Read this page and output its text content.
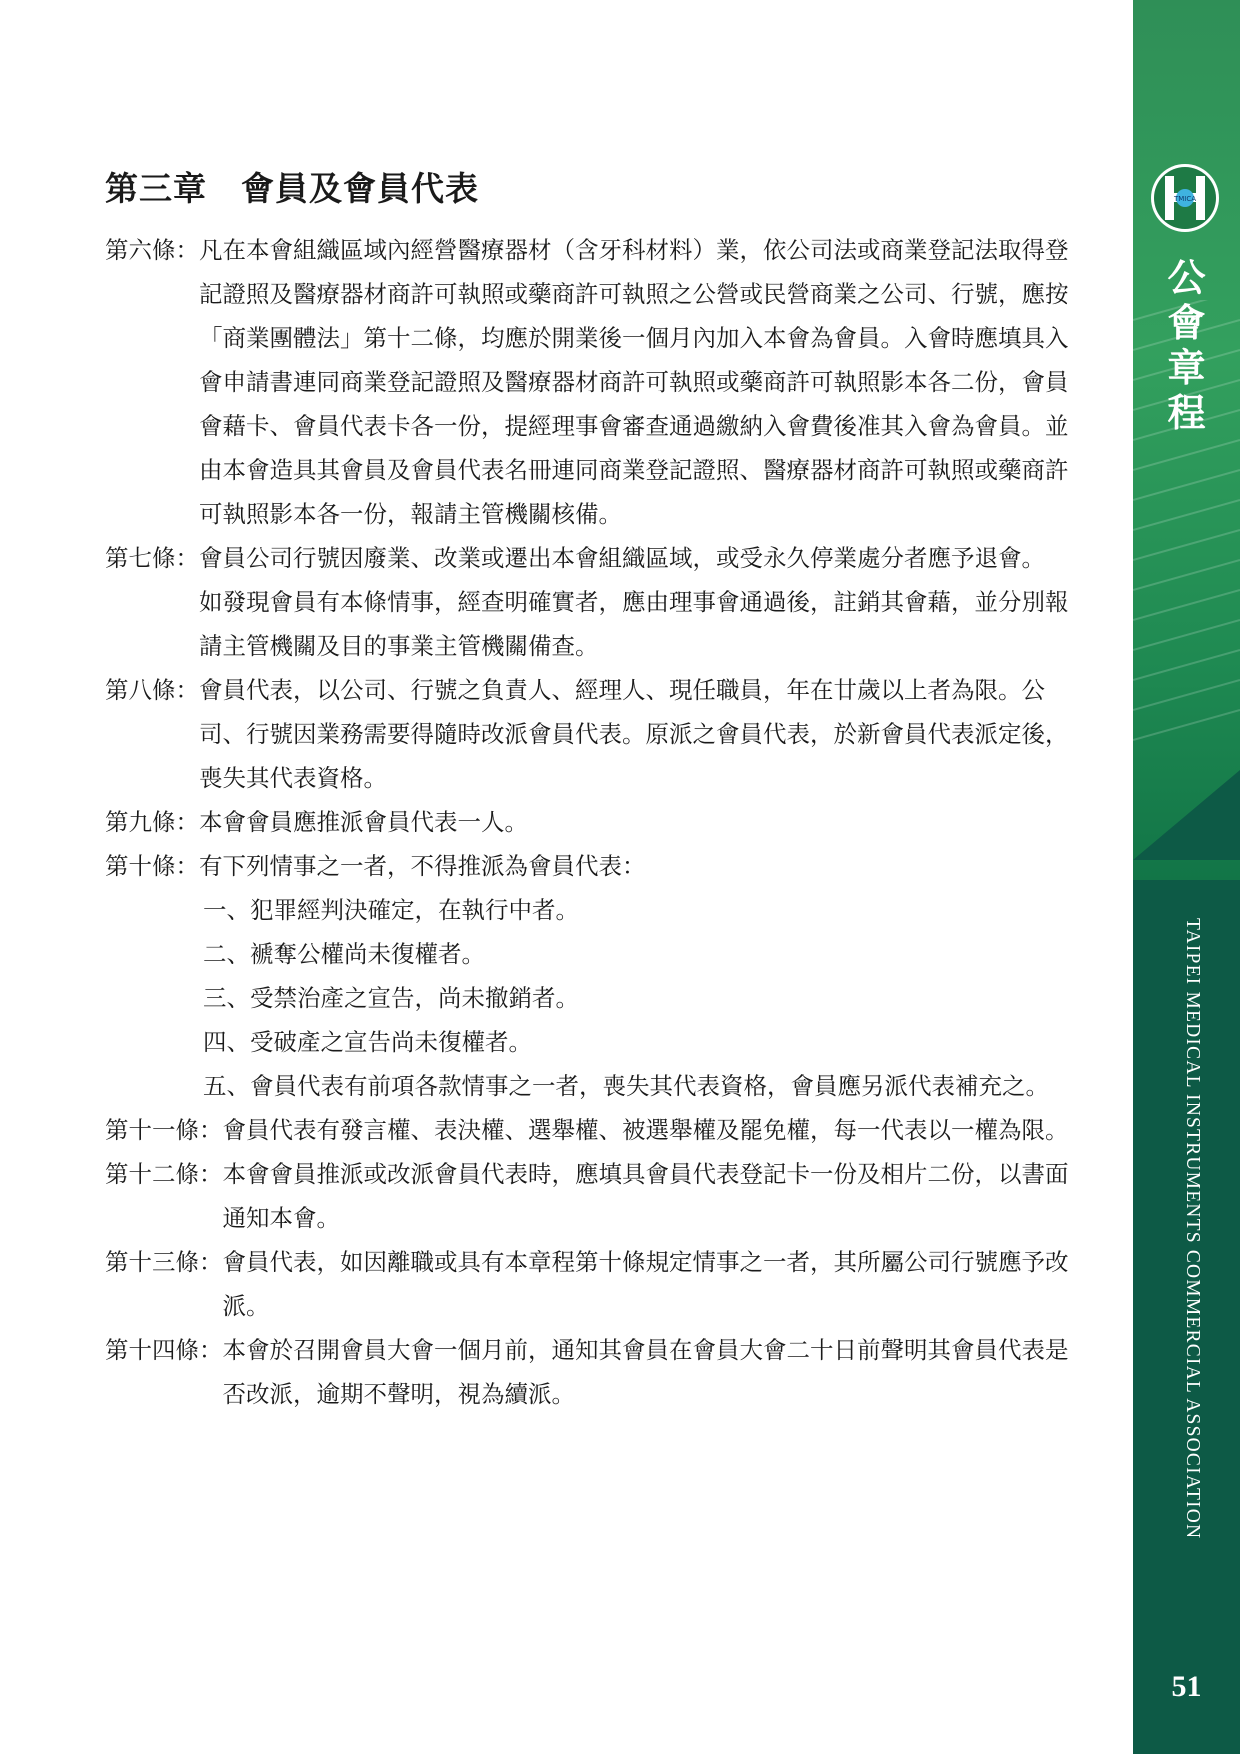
第三章　會員及會員代表
第六條： 凡在本會組織區域內經營醫療器材（含牙科材料）業，依公司法或商業登記法取得登記證照及醫療器材商許可執照或藥商許可執照之公營或民營商業之公司、行號，應按「商業團體法」第十二條，均應於開業後一個月內加入本會為會員。入會時應填具入會申請書連同商業登記證照及醫療器材商許可執照或藥商許可執照影本各二份，會員會藉卡、會員代表卡各一份，提經理事會審查通過繳納入會費後准其入會為會員。並由本會造具其會員及會員代表名冊連同商業登記證照、醫療器材商許可執照或藥商許可執照影本各一份，報請主管機關核備。

第七條： 會員公司行號因廢業、改業或遷出本會組織區域，或受永久停業處分者應予退會。

如發現會員有本條情事，經查明確實者，應由理事會通過後，註銷其會藉，並分別報請主管機關及目的事業主管機關備查。

第八條： 會員代表，以公司、行號之負責人、經理人、現任職員，年在廿歲以上者為限。公司、行號因業務需要得隨時改派會員代表。原派之會員代表，於新會員代表派定後，喪失其代表資格。

第九條： 本會會員應推派會員代表一人。

第十條： 有下列情事之一者，不得推派為會員代表：

一、 犯罪經判決確定，在執行中者。
二、 褫奪公權尚未復權者。
三、 受禁治產之宣告，尚未撤銷者。
四、 受破產之宣告尚未復權者。
五、 會員代表有前項各款情事之一者，喪失其代表資格，會員應另派代表補充之。
第十一條： 會員代表有發言權、表決權、選舉權、被選舉權及罷免權，每一代表以一權為限。

第十二條： 本會會員推派或改派會員代表時，應填具會員代表登記卡一份及相片二份，以書面通知本會。

第十三條： 會員代表，如因離職或具有本章程第十條規定情事之一者，其所屬公司行號應予改派。

第十四條： 本會於召開會員大會一個月前，通知其會員在會員大會二十日前聲明其會員代表是否改派，逾期不聲明，視為續派。

TMICA
公
會
章
程
TAIPEI MEDICAL INSTRUMENTS COMMERCIAL ASSOCIATION
51
